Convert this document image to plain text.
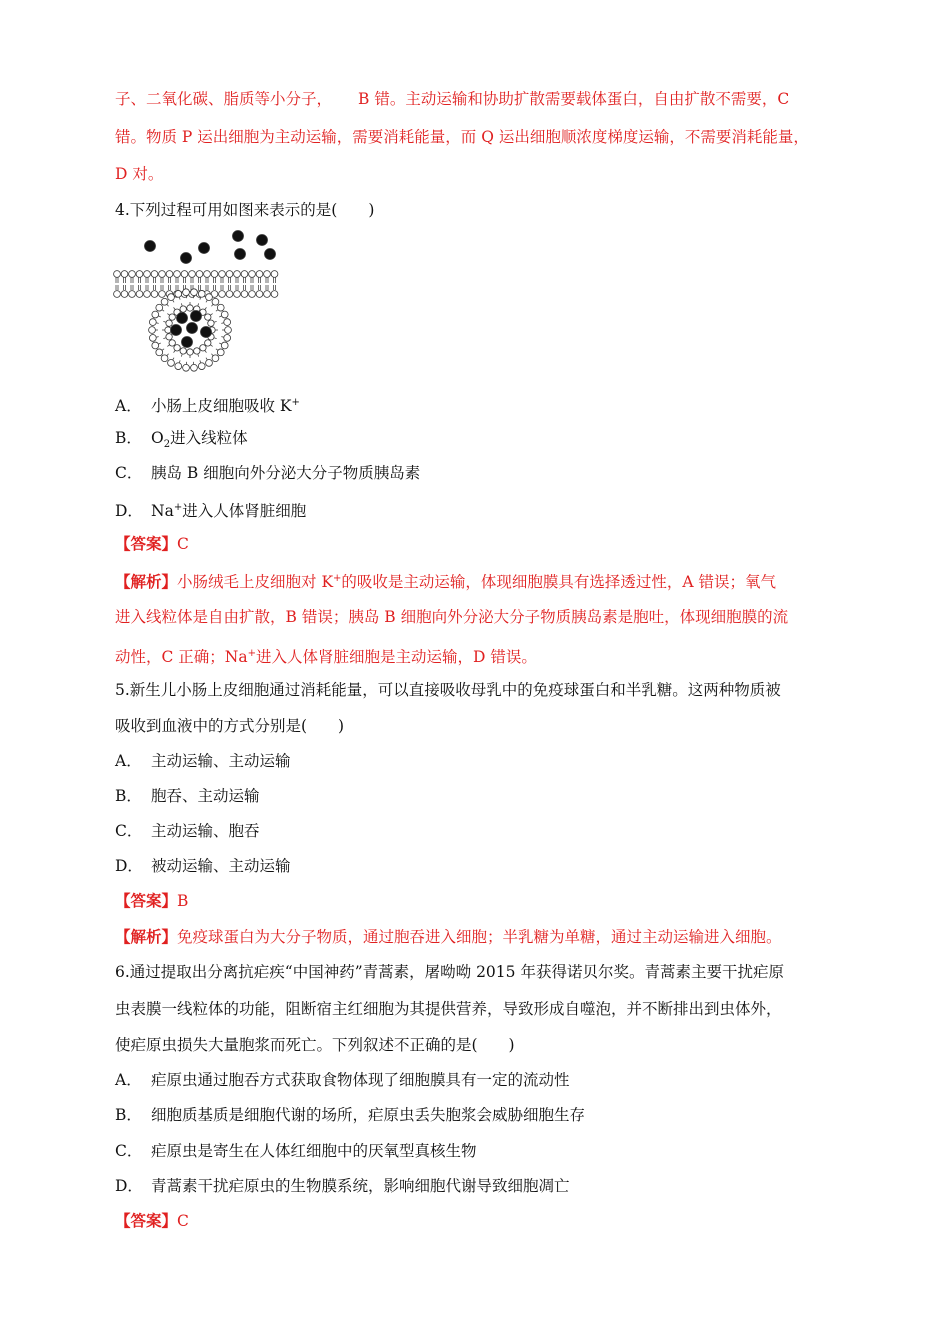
子、二氧化碳、脂质等小分子， B 错。主动运输和协助扩散需要载体蛋白，自由扩散不需要，C
错。物质 P 运出细胞为主动运输，需要消耗能量，而 Q 运出细胞顺浓度梯度运输，不需要消耗能量，
D 对。
4.下列过程可用如图来表示的是(　　)
A． 小肠上皮细胞吸收 K+
B． $O_2$进入线粒体
C． 胰岛 B 细胞向外分泌大分子物质胰岛素
D． Na+进入人体肾脏细胞
【答案】C
【解析】小肠绒毛上皮细胞对 K+的吸收是主动运输，体现细胞膜具有选择透过性，A 错误；氧气
进入线粒体是自由扩散，B 错误；胰岛 B 细胞向外分泌大分子物质胰岛素是胞吐，体现细胞膜的流
动性，C 正确；Na+进入人体肾脏细胞是主动运输，D 错误。
5.新生儿小肠上皮细胞通过消耗能量，可以直接吸收母乳中的免疫球蛋白和半乳糖。这两种物质被
吸收到血液中的方式分别是(　　)
A． 主动运输、主动运输
B． 胞吞、主动运输
C． 主动运输、胞吞
D． 被动运输、主动运输
【答案】B
【解析】免疫球蛋白为大分子物质，通过胞吞进入细胞；半乳糖为单糖，通过主动运输进入细胞。
6.通过提取出分离抗疟疾“中国神药”青蒿素，屠呦呦 2015 年获得诺贝尔奖。青蒿素主要干扰疟原
虫表膜一线粒体的功能，阻断宿主红细胞为其提供营养，导致形成自噬泡，并不断排出到虫体外，
使疟原虫损失大量胞浆而死亡。下列叙述不正确的是(　　)
A． 疟原虫通过胞吞方式获取食物体现了细胞膜具有一定的流动性
B． 细胞质基质是细胞代谢的场所，疟原虫丢失胞浆会威胁细胞生存
C． 疟原虫是寄生在人体红细胞中的厌氧型真核生物
D． 青蒿素干扰疟原虫的生物膜系统，影响细胞代谢导致细胞凋亡
【答案】C
